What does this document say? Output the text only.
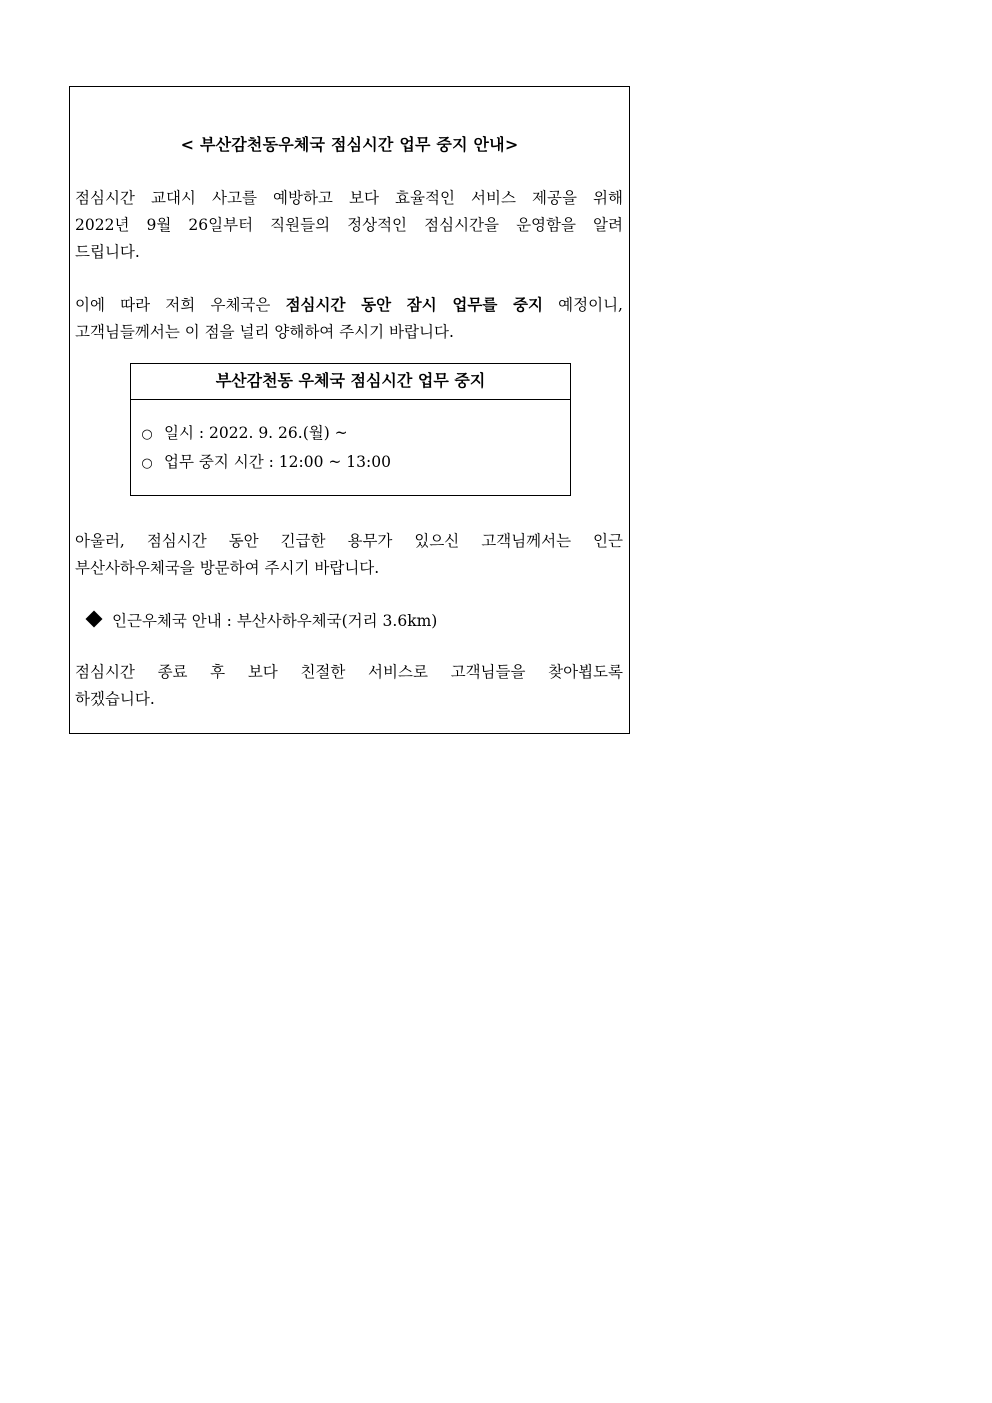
< 부산감천동우체국 점심시간 업무 중지 안내>
점심시간 교대시 사고를 예방하고 보다 효율적인 서비스 제공을 위해
2022년 9월 26일부터 직원들의 정상적인 점심시간을 운영함을 알려
드립니다.
이에 따라 저희 우체국은 점심시간 동안 잠시 업무를 중지 예정이니,
고객님들께서는 이 점을 널리 양해하여 주시기 바랍니다.
부산감천동 우체국 점심시간 업무 중지
○ 일시 : 2022. 9. 26.(월) ~
○ 업무 중지 시간 : 12:00 ~ 13:00
아울러, 점심시간 동안 긴급한 용무가 있으신 고객님께서는 인근
부산사하우체국을 방문하여 주시기 바랍니다.
인근우체국 안내 : 부산사하우체국(거리 3.6km)
점심시간 종료 후 보다 친절한 서비스로 고객님들을 찾아뵙도록
하겠습니다.
